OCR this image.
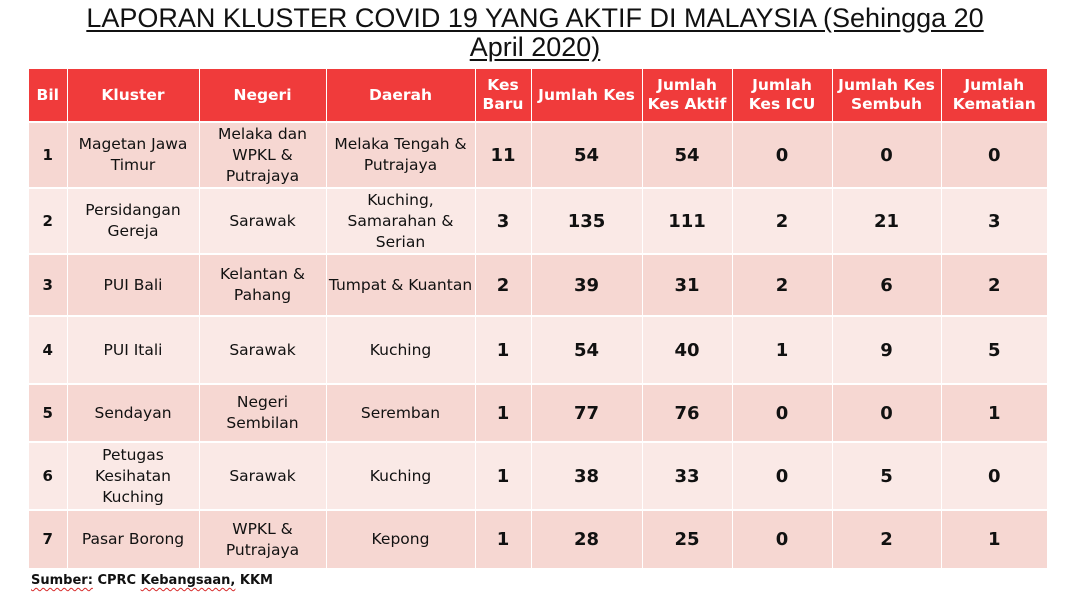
LAPORAN KLUSTER COVID 19 YANG AKTIF DI MALAYSIA (Sehingga 20 April 2020)
Bil	Kluster	Negeri	Daerah	Kes Baru	Jumlah Kes	Jumlah Kes Aktif	Jumlah Kes ICU	Jumlah Kes Sembuh	Jumlah Kematian
1	Magetan Jawa Timur	Melaka dan WPKL & Putrajaya	Melaka Tengah & Putrajaya	11	54	54	0	0	0
2	Persidangan Gereja	Sarawak	Kuching, Samarahan & Serian	3	135	111	2	21	3
3	PUI Bali	Kelantan & Pahang	Tumpat & Kuantan	2	39	31	2	6	2
4	PUI Itali	Sarawak	Kuching	1	54	40	1	9	5
5	Sendayan	Negeri Sembilan	Seremban	1	77	76	0	0	1
6	Petugas Kesihatan Kuching	Sarawak	Kuching	1	38	33	0	5	0
7	Pasar Borong	WPKL & Putrajaya	Kepong	1	28	25	0	2	1
Sumber: CPRC Kebangsaan, KKM
